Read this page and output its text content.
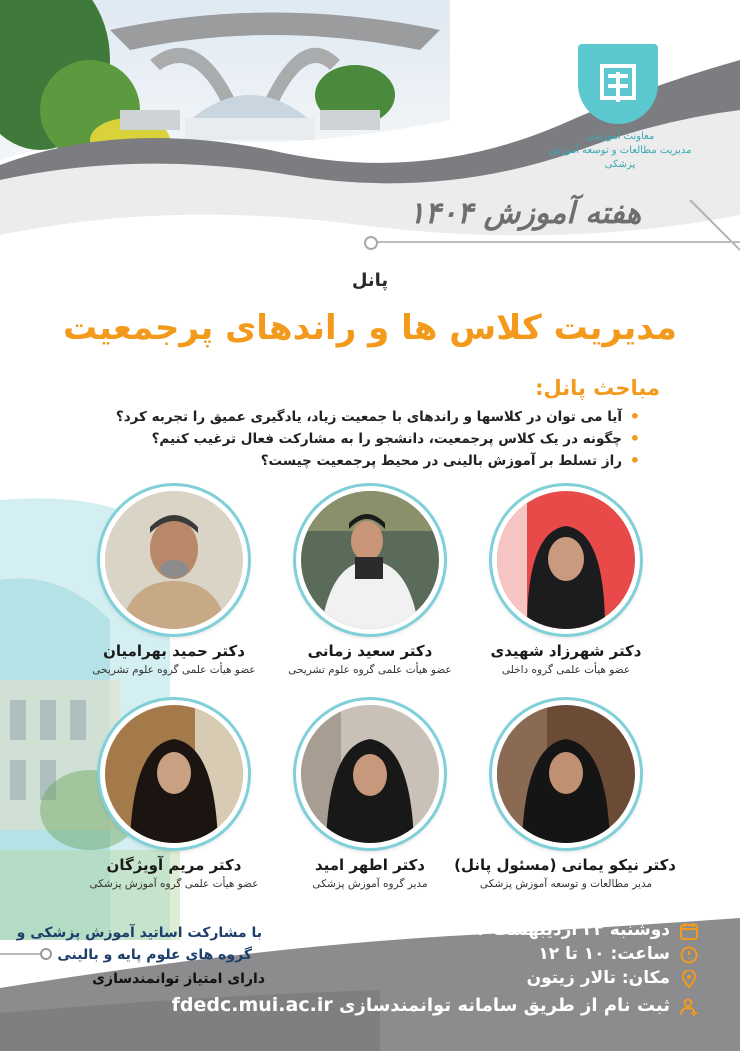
معاونت آموزشی
مدیریت مطالعات و توسعه آموزش پزشکی
هفته آموزش ۱۴۰۴
پانل
مدیریت کلاس ها و راندهای پرجمعیت
مباحث پانل:
• آیا می توان در کلاسها و راندهای با جمعیت زیاد، یادگیری عمیق را تجربه کرد؟
• چگونه در یک کلاس پرجمعیت، دانشجو را به مشارکت فعال ترغیب کنیم؟
• راز تسلط بر آموزش بالینی در محیط پرجمعیت چیست؟
دکتر شهرزاد شهیدی
عضو هیأت علمی گروه داخلی
دکتر سعید زمانی
عضو هیأت علمی گروه علوم تشریحی
دکتر حمید بهرامیان
عضو هیأت علمی گروه علوم تشریحی
دکتر نیکو یمانی (مسئول پانل)
مدیر مطالعات و توسعه آموزش پزشکی
دکتر اطهر امید
مدیر گروه آموزش پزشکی
دکتر مریم آویژگان
عضو هیأت علمی گروه آموزش پزشکی
با مشارکت اساتید آموزش پزشکی و
گروه های علوم پایه و بالینی
دارای امتیاز توانمندسازی
دوشنبه ۲۲ اردیبهشت ۱۴۰۴
ساعت: ۱۰ تا ۱۲
مکان: تالار زیتون
ثبت نام از طریق سامانه توانمندسازی fdedc.mui.ac.ir
